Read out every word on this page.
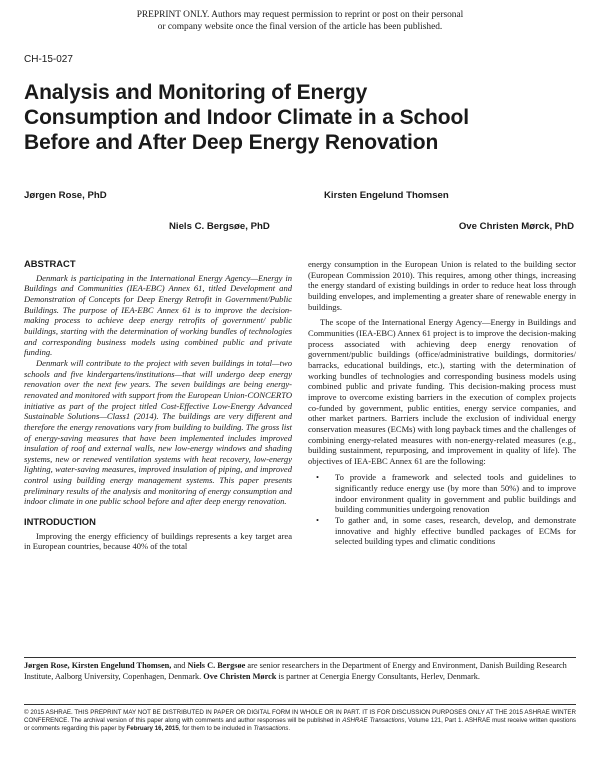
PREPRINT ONLY. Authors may request permission to reprint or post on their personal
or company website once the final version of the article has been published.
CH-15-027
Analysis and Monitoring of Energy
Consumption and Indoor Climate in a School
Before and After Deep Energy Renovation
Jørgen Rose, PhD	Kirsten Engelund Thomsen
Niels C. Bergsøe, PhD	Ove Christen Mørck, PhD
ABSTRACT

Denmark is participating in the International Energy Agency—Energy in Buildings and Communities (IEA-EBC) Annex 61, titled Development and Demonstration of Concepts for Deep Energy Retrofit in Government/Public Buildings. The purpose of IEA-EBC Annex 61 is to improve the decision-making process to achieve deep energy retrofits of government/ public buildings, starting with the determination of working bundles of technologies and corresponding business models using combined public and private funding.

Denmark will contribute to the project with seven buildings in total—two schools and five kindergartens/institutions—that will undergo deep energy renovation over the next few years. The seven buildings are being energy-renovated and monitored with support from the European Union-CONCERTO initiative as part of the project titled Cost-Effective Low-Energy Advanced Sustainable Solutions—Class1 (2014). The buildings are very different and therefore the energy renovations vary from building to building. The gross list of energy-saving measures that have been implemented includes improved insulation of roof and external walls, new low-energy windows and shading systems, new or renewed ventilation systems with heat recovery, low-energy lighting, water-saving measures, improved insulation of piping, and improved control using building energy management systems. This paper presents preliminary results of the analysis and monitoring of energy consumption and indoor climate in one public school before and after deep energy renovation.

INTRODUCTION

Improving the energy efficiency of buildings represents a key target area in European countries, because 40% of the total

energy consumption in the European Union is related to the building sector (European Commission 2010). This requires, among other things, increasing the energy standard of existing buildings in order to reduce heat loss through building envelopes, and implementing a greater share of renewable energy in buildings.

The scope of the International Energy Agency—Energy in Buildings and Communities (IEA-EBC) Annex 61 project is to improve the decision-making process associated with achieving deep energy renovation of government/public buildings (office/administrative buildings, dormitories/ barracks, educational buildings, etc.), starting with the determination of working bundles of technologies and corresponding business models using combined public and private funding. This decision-making process must improve to overcome existing barriers in the execution of complex projects co-funded by government, public entities, energy service companies, and other market partners. Barriers include the exclusion of individual energy conservation measures (ECMs) with long payback times and the challenges of combining energy-related measures with non-energy-related measures (e.g., building sustainment, repurposing, and improvement in quality of life). The objectives of IEA-EBC Annex 61 are the following:

• To provide a framework and selected tools and guidelines to significantly reduce energy use (by more than 50%) and to improve indoor environment quality in government and public buildings and building communities undergoing renovation
• To gather and, in some cases, research, develop, and demonstrate innovative and highly effective bundled packages of ECMs for selected building types and climatic conditions
Jørgen Rose, Kirsten Engelund Thomsen, and Niels C. Bergsøe are senior researchers in the Department of Energy and Environment, Danish Building Research Institute, Aalborg University, Copenhagen, Denmark. Ove Christen Mørck is partner at Cenergia Energy Consultants, Herlev, Denmark.
© 2015 ASHRAE. THIS PREPRINT MAY NOT BE DISTRIBUTED IN PAPER OR DIGITAL FORM IN WHOLE OR IN PART. IT IS FOR DISCUSSION PURPOSES ONLY AT THE 2015 ASHRAE WINTER CONFERENCE. The archival version of this paper along with comments and author responses will be published in ASHRAE Transactions, Volume 121, Part 1. ASHRAE must receive written questions or comments regarding this paper by February 16, 2015, for them to be included in Transactions.
